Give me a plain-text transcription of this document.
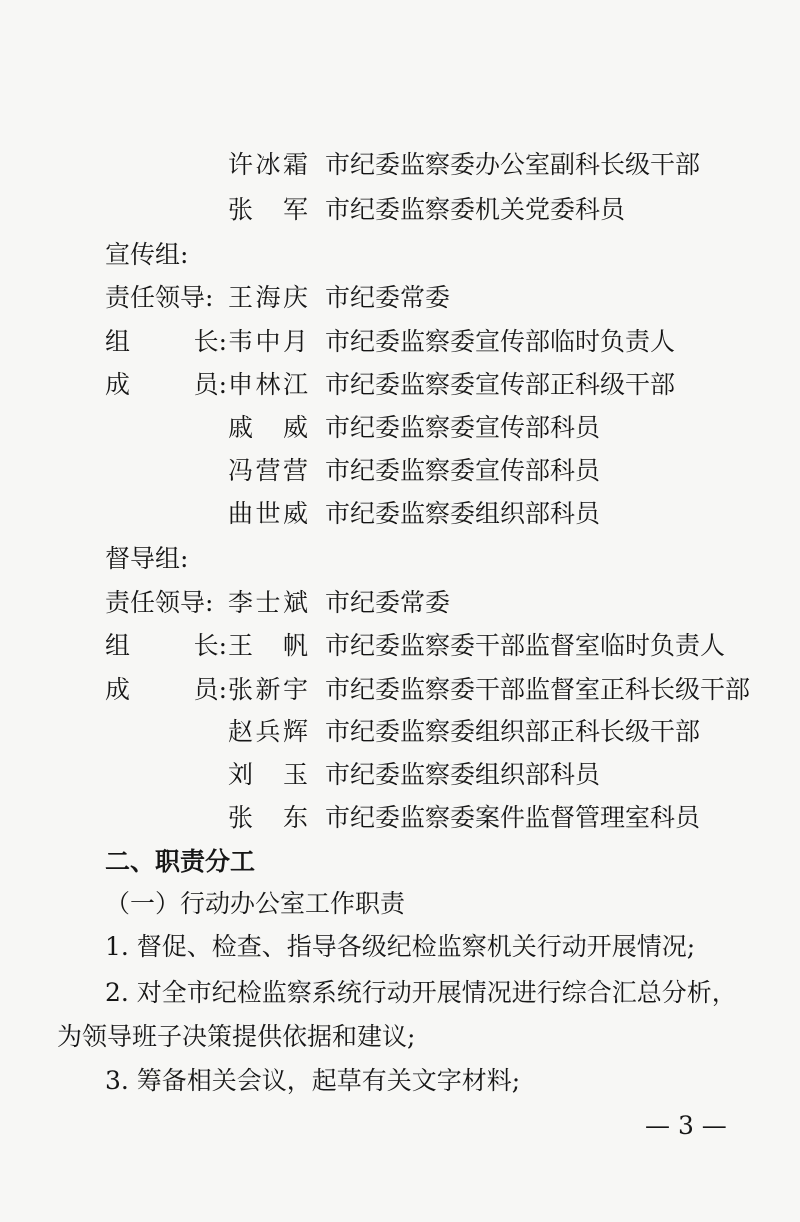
许冰霜 市纪委监察委办公室副科长级干部
张　军 市纪委监察委机关党委科员
宣传组:
责任领导: 王海庆 市纪委常委
组	长: 韦中月 市纪委监察委宣传部临时负责人
成	员: 申林江 市纪委监察委宣传部正科级干部
戚　威 市纪委监察委宣传部科员
冯营营 市纪委监察委宣传部科员
曲世威 市纪委监察委组织部科员
督导组:
责任领导: 李士斌 市纪委常委
组	长: 王　帆 市纪委监察委干部监督室临时负责人
成	员: 张新宇 市纪委监察委干部监督室正科长级干部
赵兵辉 市纪委监察委组织部正科长级干部
刘　玉 市纪委监察委组织部科员
张　东 市纪委监察委案件监督管理室科员
二、职责分工
（一）行动办公室工作职责
1. 督促、检查、指导各级纪检监察机关行动开展情况;
2. 对全市纪检监察系统行动开展情况进行综合汇总分析，
为领导班子决策提供依据和建议;
3. 筹备相关会议，起草有关文字材料;
— 3 —
